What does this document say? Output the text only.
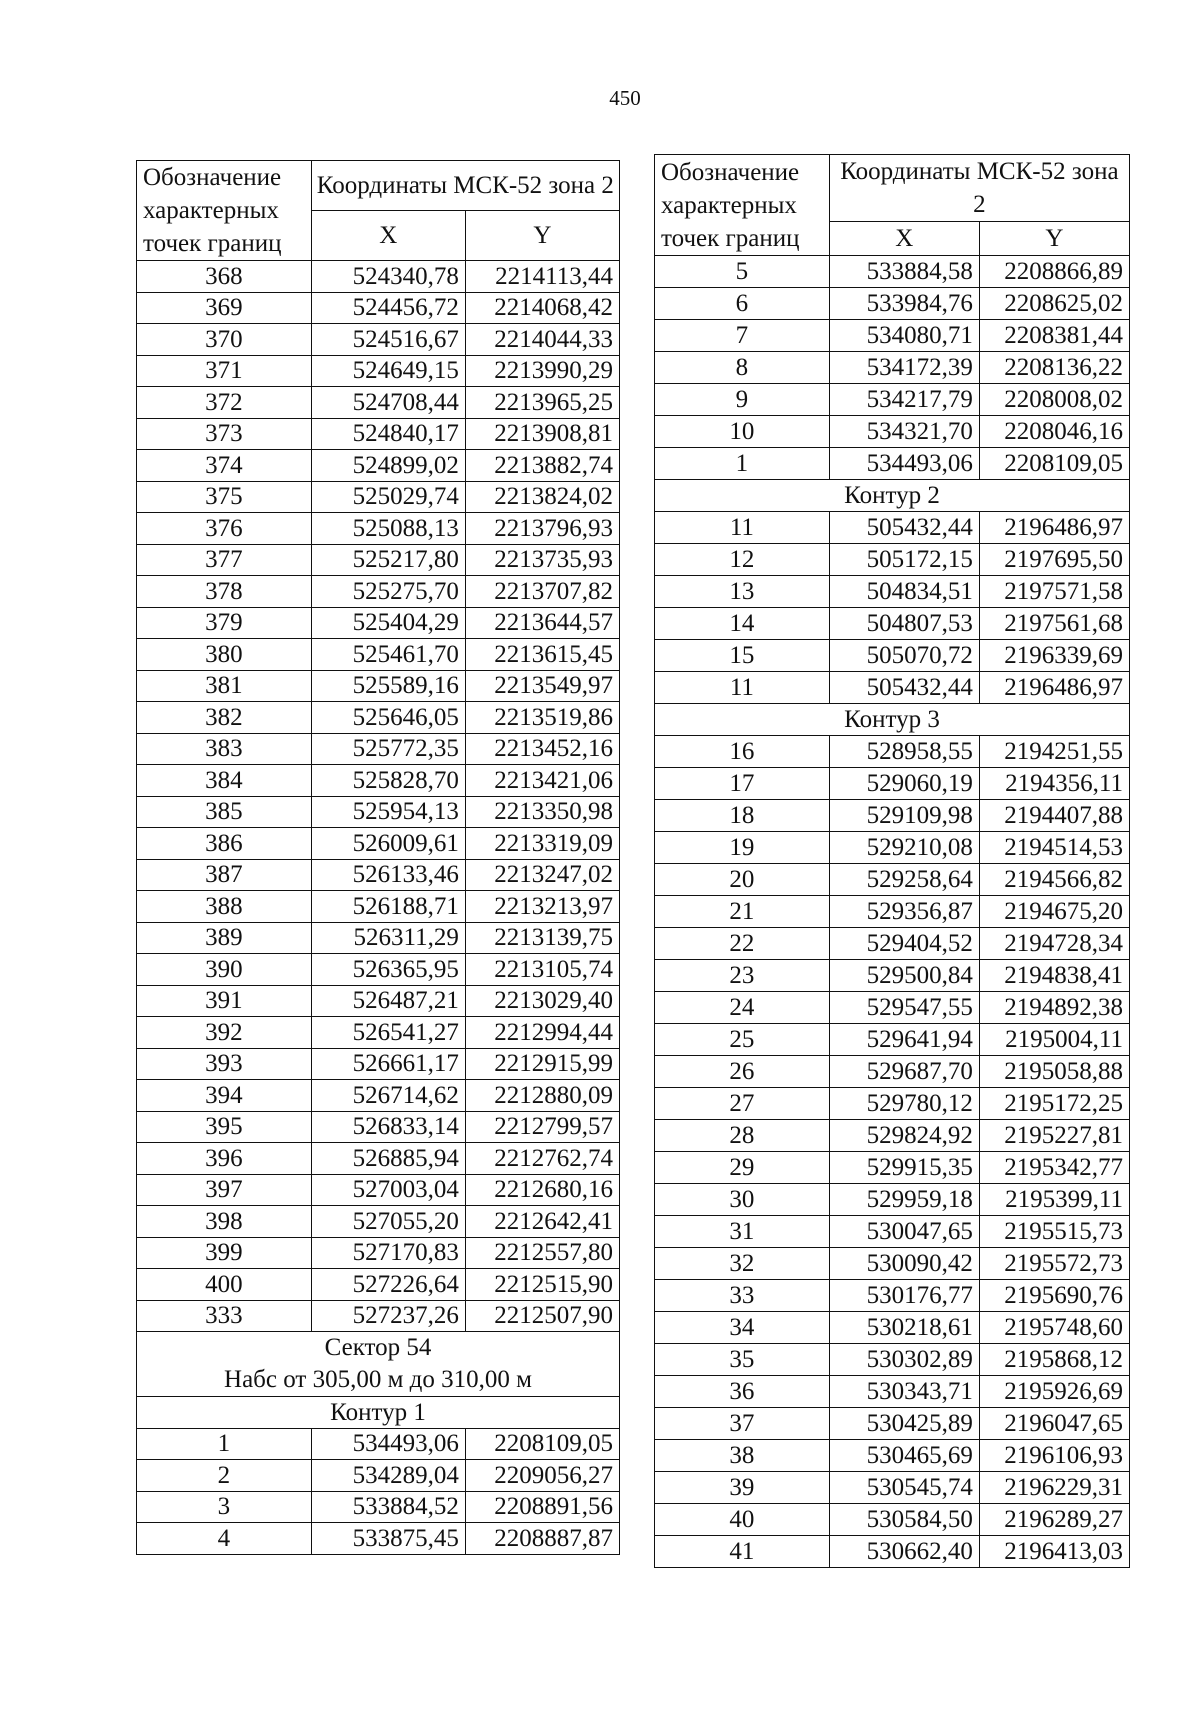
450
Обозначение характерных точек границ	Координаты МСК-52 зона 2	
	X	Y
368	524340,78	2214113,44
369	524456,72	2214068,42
370	524516,67	2214044,33
371	524649,15	2213990,29
372	524708,44	2213965,25
373	524840,17	2213908,81
374	524899,02	2213882,74
375	525029,74	2213824,02
376	525088,13	2213796,93
377	525217,80	2213735,93
378	525275,70	2213707,82
379	525404,29	2213644,57
380	525461,70	2213615,45
381	525589,16	2213549,97
382	525646,05	2213519,86
383	525772,35	2213452,16
384	525828,70	2213421,06
385	525954,13	2213350,98
386	526009,61	2213319,09
387	526133,46	2213247,02
388	526188,71	2213213,97
389	526311,29	2213139,75
390	526365,95	2213105,74
391	526487,21	2213029,40
392	526541,27	2212994,44
393	526661,17	2212915,99
394	526714,62	2212880,09
395	526833,14	2212799,57
396	526885,94	2212762,74
397	527003,04	2212680,16
398	527055,20	2212642,41
399	527170,83	2212557,80
400	527226,64	2212515,90
333	527237,26	2212507,90

Сектор 54
Набс от 305,00 м до 310,00 м		

Контур 1		
1	534493,06	2208109,05
2	534289,04	2209056,27
3	533884,52	2208891,56
4	533875,45	2208887,87
Обозначение характерных точек границ	Координаты МСК-52 зона 2	
	X	Y
5	533884,58	2208866,89
6	533984,76	2208625,02
7	534080,71	2208381,44
8	534172,39	2208136,22
9	534217,79	2208008,02
10	534321,70	2208046,16
1	534493,06	2208109,05
Контур 2		
11	505432,44	2196486,97
12	505172,15	2197695,50
13	504834,51	2197571,58
14	504807,53	2197561,68
15	505070,72	2196339,69
11	505432,44	2196486,97
Контур 3		
16	528958,55	2194251,55
17	529060,19	2194356,11
18	529109,98	2194407,88
19	529210,08	2194514,53
20	529258,64	2194566,82
21	529356,87	2194675,20
22	529404,52	2194728,34
23	529500,84	2194838,41
24	529547,55	2194892,38
25	529641,94	2195004,11
26	529687,70	2195058,88
27	529780,12	2195172,25
28	529824,92	2195227,81
29	529915,35	2195342,77
30	529959,18	2195399,11
31	530047,65	2195515,73
32	530090,42	2195572,73
33	530176,77	2195690,76
34	530218,61	2195748,60
35	530302,89	2195868,12
36	530343,71	2195926,69
37	530425,89	2196047,65
38	530465,69	2196106,93
39	530545,74	2196229,31
40	530584,50	2196289,27
41	530662,40	2196413,03
